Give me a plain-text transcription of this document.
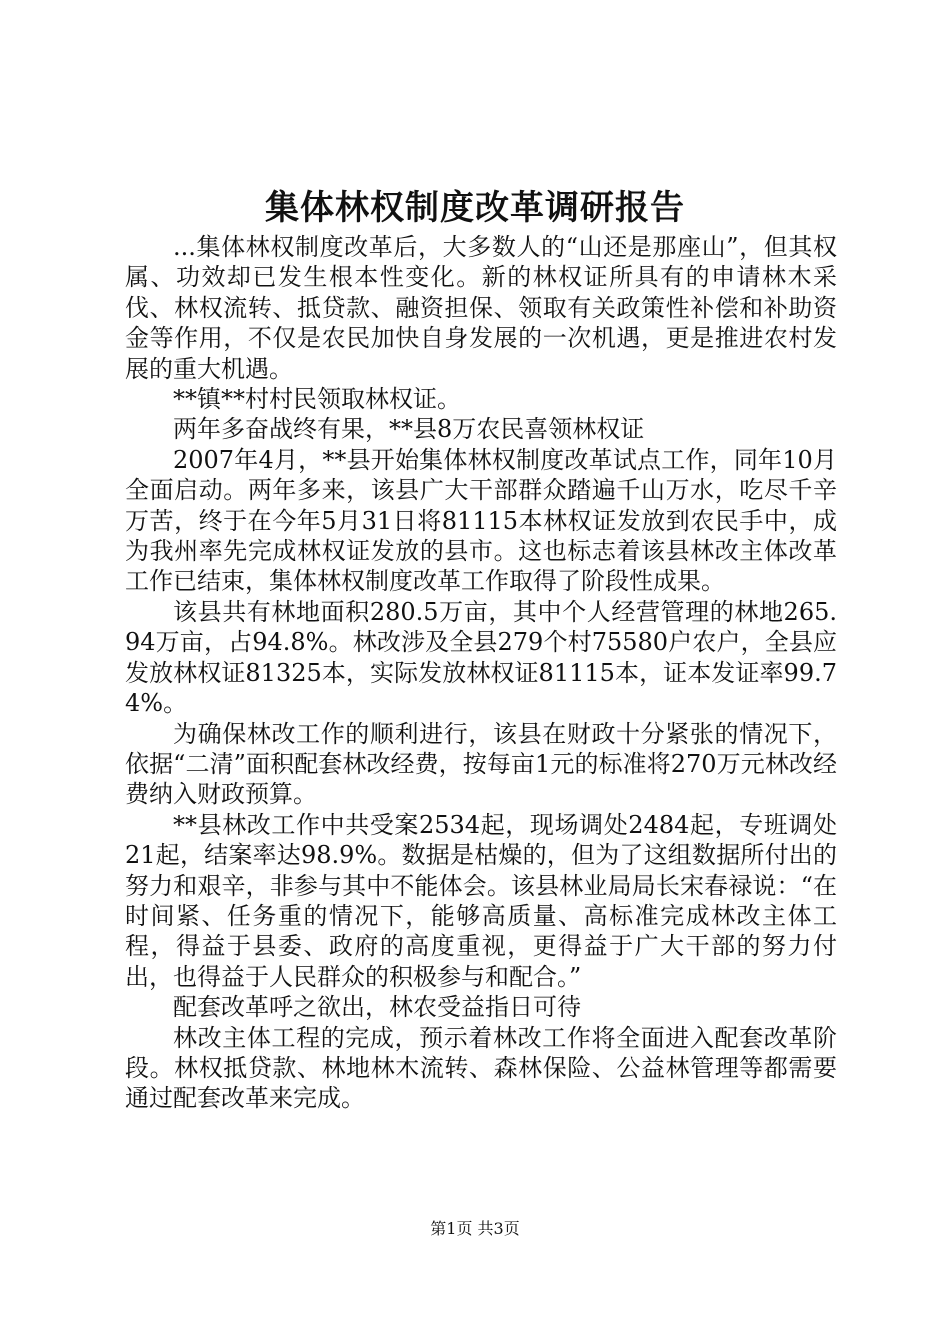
集体林权制度改革调研报告

...集体林权制度改革后，大多数人的“山还是那座山”，但其权属、功效却已发生根本性变化。新的林权证所具有的申请林木采伐、林权流转、抵贷款、融资担保、领取有关政策性补偿和补助资金等作用，不仅是农民加快自身发展的一次机遇，更是推进农村发展的重大机遇。

**镇**村村民领取林权证。

两年多奋战终有果，**县8万农民喜领林权证

2007年4月，**县开始集体林权制度改革试点工作，同年10月全面启动。两年多来，该县广大干部群众踏遍千山万水，吃尽千辛万苦，终于在今年5月31日将81115本林权证发放到农民手中，成为我州率先完成林权证发放的县市。这也标志着该县林改主体改革工作已结束，集体林权制度改革工作取得了阶段性成果。

该县共有林地面积280.5万亩，其中个人经营管理的林地265.94万亩，占94.8%。林改涉及全县279个村75580户农户，全县应发放林权证81325本，实际发放林权证81115本，证本发证率99.74%。

为确保林改工作的顺利进行，该县在财政十分紧张的情况下，依据“二清”面积配套林改经费，按每亩1元的标准将270万元林改经费纳入财政预算。

**县林改工作中共受案2534起，现场调处2484起，专班调处21起，结案率达98.9%。数据是枯燥的，但为了这组数据所付出的努力和艰辛，非参与其中不能体会。该县林业局局长宋春禄说：“在时间紧、任务重的情况下，能够高质量、高标准完成林改主体工程，得益于县委、政府的高度重视，更得益于广大干部的努力付出，也得益于人民群众的积极参与和配合。”

配套改革呼之欲出，林农受益指日可待

林改主体工程的完成，预示着林改工作将全面进入配套改革阶段。林权抵贷款、林地林木流转、森林保险、公益林管理等都需要通过配套改革来完成。

第1页 共3页
